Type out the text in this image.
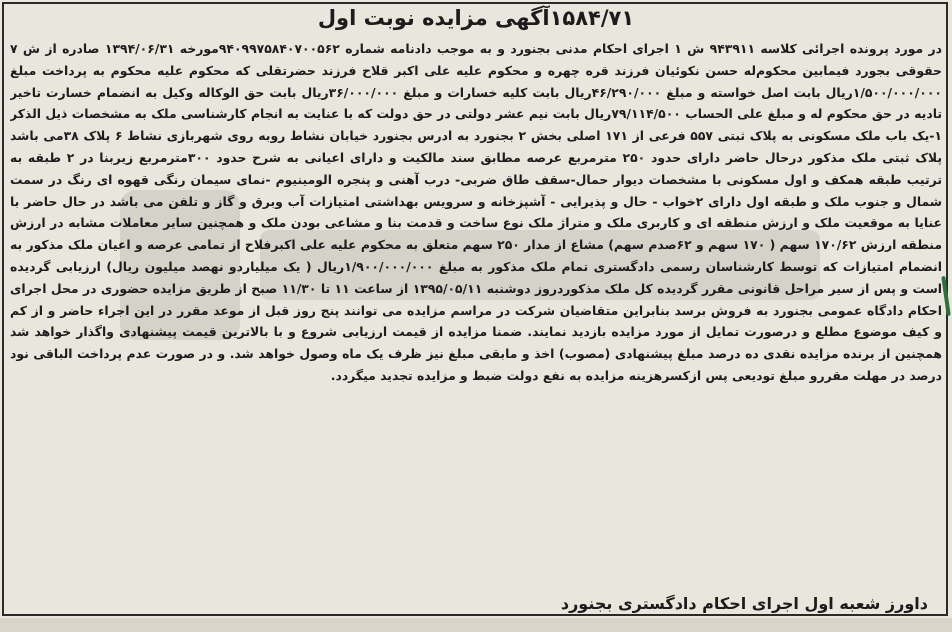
۱۵۸۴/۷۱آگهی مزایده نوبت اول
در مورد پرونده اجرائی کلاسه ۹۴۳۹۱۱ ش ۱ اجرای احکام مدنی بجنورد و به موجب دادنامه شماره ۹۴۰۹۹۷۵۸۴۰۷۰۰۵۶۲مورخه ۱۳۹۴/۰۶/۳۱ صادره از ش ۷ حقوقی بجورد فیمابین محکوم‌له حسن نکوئیان فرزند قره چهره و محکوم علیه علی اکبر قلاح فرزند حضرتقلی که محکوم علیه محکوم به پرداخت مبلغ ۱/۵۰۰/۰۰۰/۰۰۰ریال بابت اصل خواسته و مبلغ ۴۶/۲۹۰/۰۰۰ریال بابت کلیه خسارات و مبلغ ۳۶/۰۰۰/۰۰۰ریال بابت حق الوکاله وکیل به انضمام خسارت تاخیر تادیه در حق محکوم له و مبلغ علی الحساب ۷۹/۱۱۴/۵۰۰ریال بابت نیم عشر دولتی در حق دولت که با عنایت به انجام کارشناسی ملک به مشخصات ذیل الذکر ۱-یک باب ملک مسکونی به پلاک ثبتی ۵۵۷ فرعی از ۱۷۱ اصلی بخش ۲ بجنورد به ادرس بجنورد خیابان نشاط روبه روی شهربازی نشاط ۶ پلاک ۳۸می باشد پلاک ثبتی ملک مذکور درحال حاضر دارای حدود ۲۵۰ مترمربع عرصه مطابق سند مالکیت و دارای اعیانی به شرح حدود ۳۰۰مترمربع زیربنا در ۲ طبقه به ترتیب طبقه همکف و اول مسکونی با مشخصات دیوار حمال-سقف طاق ضربی- درب آهنی و پنجره الومینیوم -نمای سیمان رنگی قهوه ای رنگ در سمت شمال و جنوب ملک و طبقه اول دارای ۲خواب - حال و پذیرایی - آشپزخانه و سرویس بهداشتی امتیازات آب وبرق و گاز و تلفن می باشد در حال حاضر با عنایا به موقعیت ملک و ارزش منطقه ای و کاربری ملک و متراژ ملک نوع ساخت و قدمت بنا و مشاعی بودن ملک و همچنین سایر معاملات مشابه در ارزش منطقه ارزش ۱۷۰/۶۲ سهم ( ۱۷۰ سهم و ۶۲صدم سهم) مشاع از مدار ۲۵۰ سهم متعلق به محکوم علیه علی اکبرفلاح از تمامی عرصه و اعیان ملک مذکور به انضمام امتیازات که توسط کارشناسان رسمی دادگستری تمام ملک مذکور به مبلغ ۱/۹۰۰/۰۰۰/۰۰۰ریال ( یک میلیاردو نهصد میلیون ریال) ارزیابی گردیده است و پس از سیر مراحل قانونی مقرر گردیده کل ملک مذکوردروز دوشنبه ۱۳۹۵/۰۵/۱۱ از ساعت ۱۱ تا ۱۱/۳۰ صبح از طریق مزایده حضوری در محل اجرای احکام دادگاه عمومی بجنورد به فروش برسد بنابراین متقاضیان شرکت در مراسم مزایده می توانند پنج روز قبل از موعد مقرر در این اجراء حاضر و از کم و کیف موضوع مطلع و درصورت تمایل از مورد مزایده بازدید نمایند. ضمنا مزایده از قیمت ارزیابی شروع و با بالاترین قیمت پیشنهادی واگذار خواهد شد همچنین از برنده مزایده نقدی ده درصد مبلغ پیشنهادی (مصوب) اخذ و مابقی مبلغ نیز ظرف یک ماه وصول خواهد شد. و در صورت عدم پرداخت الباقی نود درصد در مهلت مقررو مبلغ تودیعی پس ازکسرهزینه مزایده به نفع دولت ضبط و مزایده تجدید میگردد.
داورز شعبه اول اجرای احکام دادگستری بجنورد
